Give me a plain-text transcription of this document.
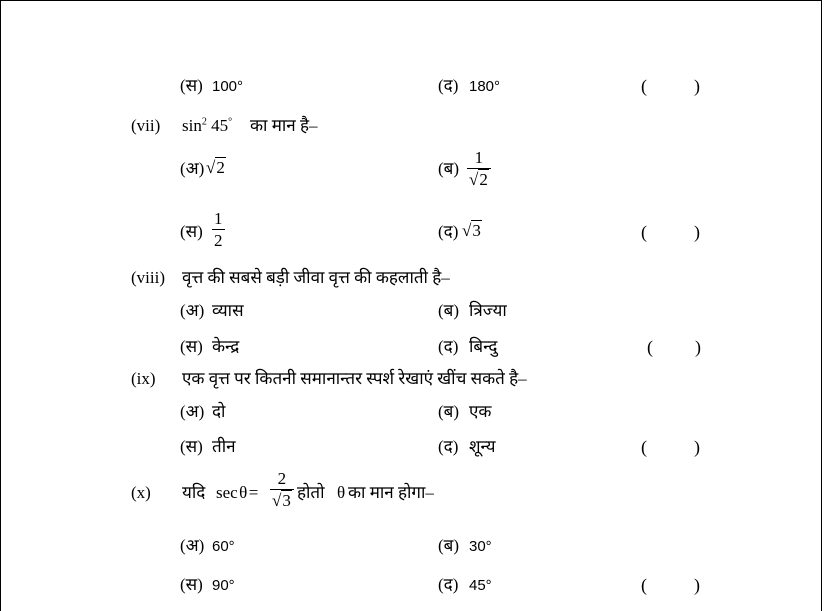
(स) 100°	(द) 180°	(	)
(vii) $\sin^2 45^\circ$ का मान है–
(अ) √2	(ब) $\frac{1}{√2}$
(स) $\frac{1}{2}$	(द) √3	(	)
(viii) वृत्त की सबसे बड़ी जीवा वृत्त की कहलाती है–
(अ) व्यास	(ब) त्रिज्या
(स) केन्द्र	(द) बिन्दु	( )
(ix) एक वृत्त पर कितनी समानान्तर स्पर्श रेखाएं खींच सकते है–
(अ) दो	(ब) एक
(स) तीन	(द) शून्य	(	)
(x) यदि sec θ = $\frac{2}{√3}$ होतो θ का मान होगा–
(अ) 60°	(ब) 30°
(स) 90°	(द) 45°	(	)
